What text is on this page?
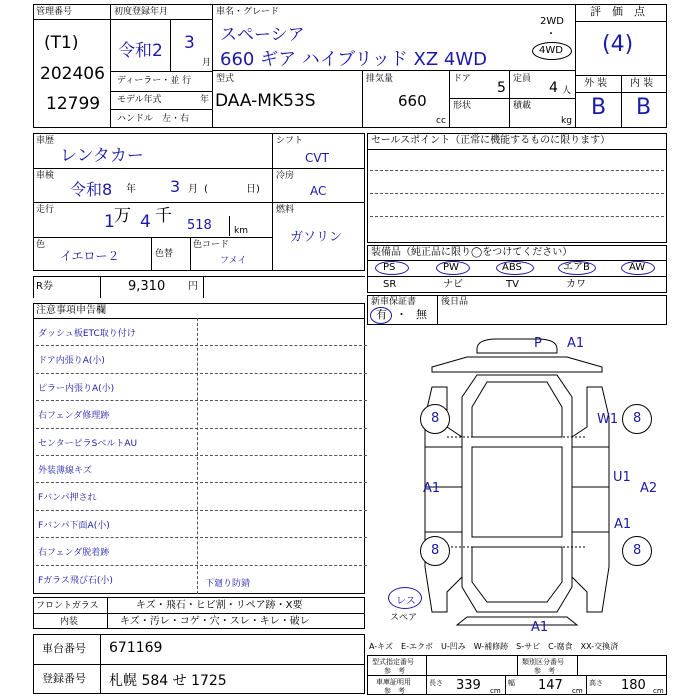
管理番号
(T1)
202406
12799
初度登録年月
令和2 3
月
ディーラー・並 行
モデル年式	年
ハンドル　左・右
車名・グレード
スペーシア
660 ギア ハイブリッド XZ 4WD
2WD
・
4WD
型式
DAA-MK53S
排気量
660
cc
ドア
5
形状
定員
4 人
積載
kg
評　価　点
(4)
外 装 内 装
B B
車歴
レンタカー
シフト
CVT
車検
令和8 年 3 月 (	日)
冷房
AC
走行
1 万 4 千 518 km
燃料
ガソリン
色
イエロー２	色替
色コード
フメイ
R券	9,310 円
セールスポイント（正常に機能するものに限ります）
装備品（純正品に限り◯をつけてください）
PS	PW	ABS	エアB	AW
SR	ナビ	TV	カワ
新車保証書
有 ・ 無
後日品
注意事項申告欄
ダッシュ板ETC取り付け
ドア内張りA(小)
ピラー内張りA(小)
右フェンダ修理跡
センターピラSベルトAU
外装薄線キズ
Fバンパ押され
Fバンパ下面A(小)
右フェンダ脱着跡
Fガラス飛び石(小)	下廻り防錆
フロントガラス	キズ・飛石・ヒビ割・リペア跡・X要
内装	キズ・汚レ・コゲ・穴・スレ・キレ・破レ
8	8
8	8
P A1
W1
U1
A2
A1
A1
A1
レス
スペア
車台番号 671169
登録番号 札幌 584 せ 1725
A-キズ　E-エクボ　U-凹み　W-補修跡　S-サビ　C-腐食　XX-交換済
型式指定番号
参　考
類別区分番号
参　考
車庫証明用
参　考
長さ 339 cm
幅 147 cm
高さ 180 cm
